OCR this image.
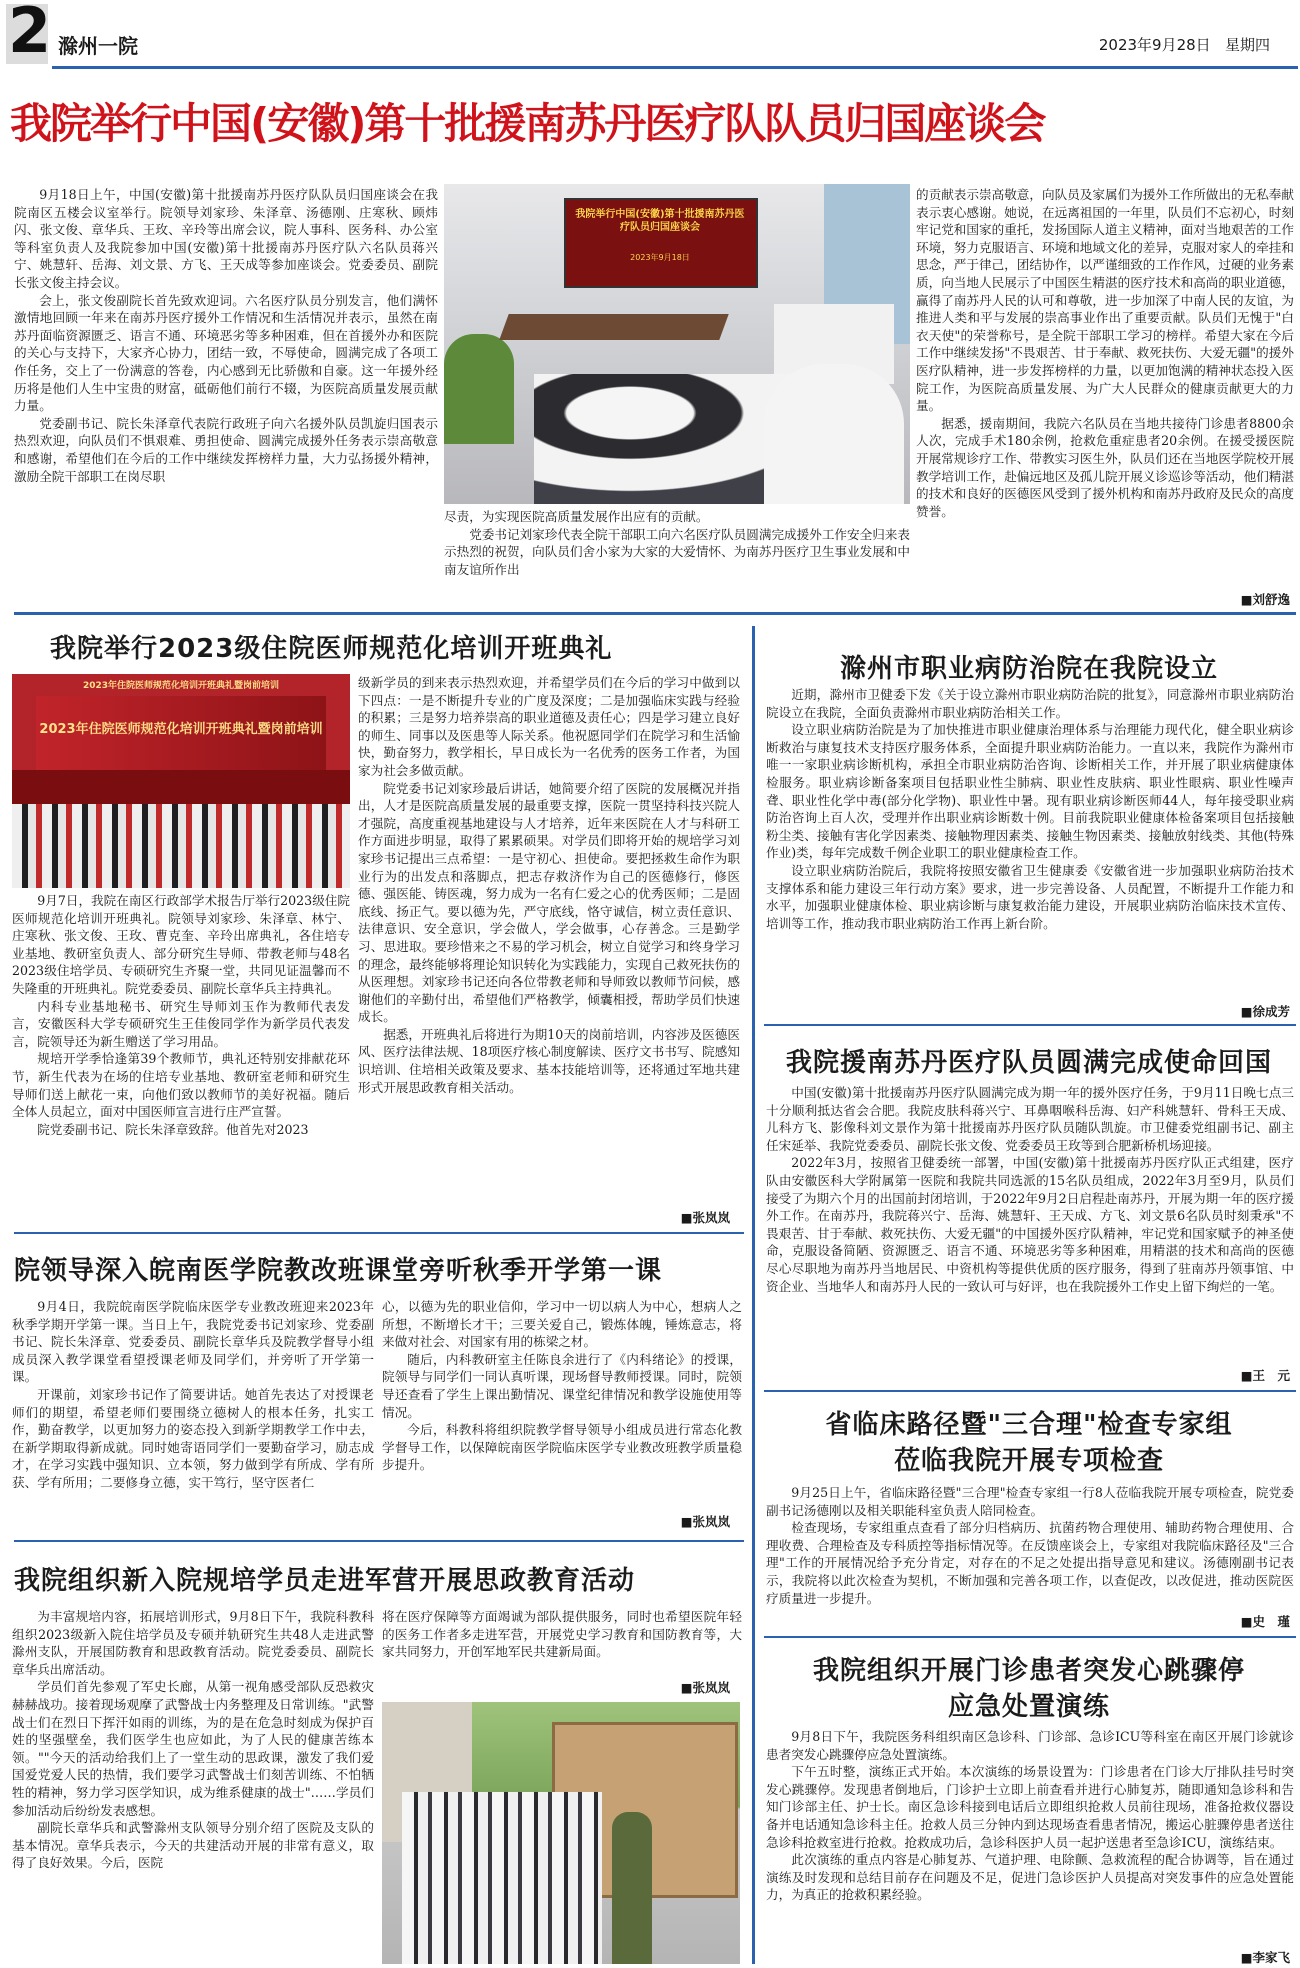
2 滁州一院	2023年9月28日 星期四
我院举行中国(安徽)第十批援南苏丹医疗队队员归国座谈会

9月18日上午，中国(安徽)第十批援南苏丹医疗队队员归国座谈会在我院南区五楼会议室举行。院领导刘家珍、朱泽章、汤德刚、庄寒秋、顾炜闪、张文俊、章华兵、王玫、辛玲等出席会议，院人事科、医务科、办公室等科室负责人及我院参加中国(安徽)第十批援南苏丹医疗队六名队员蒋兴宁、姚慧轩、岳海、刘文景、方飞、王天成等参加座谈会。党委委员、副院长张文俊主持会议。

会上，张文俊副院长首先致欢迎词。六名医疗队员分别发言，他们满怀激情地回顾一年来在南苏丹医疗援外工作情况和生活情况并表示，虽然在南苏丹面临资源匮乏、语言不通、环境恶劣等多种困难，但在首援外办和医院的关心与支持下，大家齐心协力，团结一致，不辱使命，圆满完成了各项工作任务，交上了一份满意的答卷，内心感到无比骄傲和自豪。这一年援外经历将是他们人生中宝贵的财富，砥砺他们前行不辍，为医院高质量发展贡献力量。

党委副书记、院长朱泽章代表院行政班子向六名援外队员凯旋归国表示热烈欢迎，向队员们不惧艰难、勇担使命、圆满完成援外任务表示崇高敬意和感谢，希望他们在今后的工作中继续发挥榜样力量，大力弘扬援外精神，激励全院干部职工在岗尽职

我院举行中国(安徽)第十批援南苏丹医疗队员归国座谈会
2023年9月18日

尽责，为实现医院高质量发展作出应有的贡献。

党委书记刘家珍代表全院干部职工向六名医疗队员圆满完成援外工作安全归来表示热烈的祝贺，向队员们舍小家为大家的大爱情怀、为南苏丹医疗卫生事业发展和中南友谊所作出

的贡献表示崇高敬意，向队员及家属们为援外工作所做出的无私奉献表示衷心感谢。她说，在远离祖国的一年里，队员们不忘初心，时刻牢记党和国家的重托，发扬国际人道主义精神，面对当地艰苦的工作环境，努力克服语言、环境和地域文化的差异，克服对家人的牵挂和思念，严于律己，团结协作，以严谨细致的工作作风，过硬的业务素质，向当地人民展示了中国医生精湛的医疗技术和高尚的职业道德，赢得了南苏丹人民的认可和尊敬，进一步加深了中南人民的友谊，为推进人类和平与发展的崇高事业作出了重要贡献。队员们无愧于"白衣天使"的荣誉称号，是全院干部职工学习的榜样。希望大家在今后工作中继续发扬"不畏艰苦、甘于奉献、救死扶伤、大爱无疆"的援外医疗队精神，进一步发挥榜样的力量，以更加饱满的精神状态投入医院工作，为医院高质量发展、为广大人民群众的健康贡献更大的力量。

据悉，援南期间，我院六名队员在当地共接待门诊患者8800余人次，完成手术180余例，抢救危重症患者20余例。在援受援医院开展常规诊疗工作、带教实习医生外，队员们还在当地医学院校开展教学培训工作，赴偏远地区及孤儿院开展义诊巡诊等活动，他们精湛的技术和良好的医德医风受到了援外机构和南苏丹政府及民众的高度赞誉。

■刘舒逸
我院举行2023级住院医师规范化培训开班典礼
2023年住院医师规范化培训开班典礼暨岗前培训
2023年住院医师规范化培训开班典礼暨岗前培训

9月7日，我院在南区行政部学术报告厅举行2023级住院医师规范化培训开班典礼。院领导刘家珍、朱泽章、林宁、庄寒秋、张文俊、王玫、曹克奎、辛玲出席典礼，各住培专业基地、教研室负责人、部分研究生导师、带教老师与48名2023级住培学员、专硕研究生齐聚一堂，共同见证温馨而不失隆重的开班典礼。院党委委员、副院长章华兵主持典礼。

内科专业基地秘书、研究生导师刘玉作为教师代表发言，安徽医科大学专硕研究生王佳俊同学作为新学员代表发言，院领导还为新生赠送了学习用品。

规培开学季恰逢第39个教师节，典礼还特别安排献花环节，新生代表为在场的住培专业基地、教研室老师和研究生导师们送上献花一束，向他们致以教师节的美好祝福。随后全体人员起立，面对中国医师宣言进行庄严宣誓。

院党委副书记、院长朱泽章致辞。他首先对2023

级新学员的到来表示热烈欢迎，并希望学员们在今后的学习中做到以下四点：一是不断提升专业的广度及深度；二是加强临床实践与经验的积累；三是努力培养崇高的职业道德及责任心；四是学习建立良好的师生、同事以及医患等人际关系。他祝愿同学们在院学习和生活愉快，勤奋努力，教学相长，早日成长为一名优秀的医务工作者，为国家为社会多做贡献。

院党委书记刘家珍最后讲话，她简要介绍了医院的发展概况并指出，人才是医院高质量发展的最重要支撑，医院一贯坚持科技兴院人才强院，高度重视基地建设与人才培养，近年来医院在人才与科研工作方面进步明显，取得了累累硕果。对学员们即将开始的规培学习刘家珍书记提出三点希望：一是守初心、担使命。要把拯救生命作为职业行为的出发点和落脚点，把志存救济作为自己的医德修行，修医德、强医能、铸医魂，努力成为一名有仁爱之心的优秀医师；二是固底线、扬正气。要以德为先，严守底线，恪守诚信，树立责任意识、法律意识、安全意识，学会做人，学会做事，心存善念。三是勤学习、思进取。要珍惜来之不易的学习机会，树立自觉学习和终身学习的理念，最终能够将理论知识转化为实践能力，实现自己救死扶伤的从医理想。刘家珍书记还向各位带教老师和导师致以教师节问候，感谢他们的辛勤付出，希望他们严格教学，倾囊相授，帮助学员们快速成长。

据悉，开班典礼后将进行为期10天的岗前培训，内容涉及医德医风、医疗法律法规、18项医疗核心制度解读、医疗文书书写、院感知识培训、住培相关政策及要求、基本技能培训等，还将通过军地共建形式开展思政教育相关活动。

■张岚岚
院领导深入皖南医学院教改班课堂旁听秋季开学第一课

9月4日，我院皖南医学院临床医学专业教改班迎来2023年秋季学期开学第一课。当日上午，我院党委书记刘家珍、党委副书记、院长朱泽章、党委委员、副院长章华兵及院教学督导小组成员深入教学课堂看望授课老师及同学们，并旁听了开学第一课。

开课前，刘家珍书记作了简要讲话。她首先表达了对授课老师们的期望，希望老师们要围绕立德树人的根本任务，扎实工作，勤奋教学，以更加努力的姿态投入到新学期教学工作中去，在新学期取得新成就。同时她寄语同学们一要勤奋学习，励志成才，在学习实践中强知识、立本领，努力做到学有所成、学有所获、学有所用；二要修身立德，实干笃行，坚守医者仁

心，以德为先的职业信仰，学习中一切以病人为中心，想病人之所想，不断增长才干；三要关爱自己，锻炼体魄，锤炼意志，将来做对社会、对国家有用的栋梁之材。

随后，内科教研室主任陈良余进行了《内科绪论》的授课，院领导与同学们一同认真听课，现场督导教师授课。同时，院领导还查看了学生上课出勤情况、课堂纪律情况和教学设施使用等情况。

今后，科教科将组织院教学督导领导小组成员进行常态化教学督导工作，以保障皖南医学院临床医学专业教改班教学质量稳步提升。

■张岚岚
我院组织新入院规培学员走进军营开展思政教育活动

为丰富规培内容，拓展培训形式，9月8日下午，我院科教科组织2023级新入院住培学员及专硕并轨研究生共48人走进武警滁州支队，开展国防教育和思政教育活动。院党委委员、副院长章华兵出席活动。

学员们首先参观了军史长廊，从第一视角感受部队反恐救灾赫赫战功。接着现场观摩了武警战士内务整理及日常训练。"武警战士们在烈日下挥汗如雨的训练，为的是在危急时刻成为保护百姓的坚强壁垒，我们医学生也应如此，为了人民的健康苦练本领。""今天的活动给我们上了一堂生动的思政课，激发了我们爱国爱党爱人民的热情，我们要学习武警战士们刻苦训练、不怕牺牲的精神，努力学习医学知识，成为维系健康的战士"……学员们参加活动后纷纷发表感想。

副院长章华兵和武警滁州支队领导分别介绍了医院及支队的基本情况。章华兵表示，今天的共建活动开展的非常有意义，取得了良好效果。今后，医院

将在医疗保障等方面竭诚为部队提供服务，同时也希望医院年轻的医务工作者多走进军营，开展党史学习教育和国防教育等，大家共同努力，开创军地军民共建新局面。

■张岚岚
滁州市职业病防治院在我院设立

近期，滁州市卫健委下发《关于设立滁州市职业病防治院的批复》，同意滁州市职业病防治院设立在我院，全面负责滁州市职业病防治相关工作。

设立职业病防治院是为了加快推进市职业健康治理体系与治理能力现代化，健全职业病诊断救治与康复技术支持医疗服务体系，全面提升职业病防治能力。一直以来，我院作为滁州市唯一一家职业病诊断机构，承担全市职业病防治咨询、诊断相关工作，并开展了职业病健康体检服务。职业病诊断备案项目包括职业性尘肺病、职业性皮肤病、职业性眼病、职业性噪声聋、职业性化学中毒(部分化学物)、职业性中暑。现有职业病诊断医师44人，每年接受职业病防治咨询上百人次，受理并作出职业病诊断数十例。目前我院职业健康体检备案项目包括接触粉尘类、接触有害化学因素类、接触物理因素类、接触生物因素类、接触放射线类、其他(特殊作业)类，每年完成数千例企业职工的职业健康检查工作。

设立职业病防治院后，我院将按照安徽省卫生健康委《安徽省进一步加强职业病防治技术支撑体系和能力建设三年行动方案》要求，进一步完善设备、人员配置，不断提升工作能力和水平，加强职业健康体检、职业病诊断与康复救治能力建设，开展职业病防治临床技术宣传、培训等工作，推动我市职业病防治工作再上新台阶。

■徐成芳
我院援南苏丹医疗队员圆满完成使命回国

中国(安徽)第十批援南苏丹医疗队圆满完成为期一年的援外医疗任务，于9月11日晚七点三十分顺利抵达省会合肥。我院皮肤科蒋兴宁、耳鼻咽喉科岳海、妇产科姚慧轩、骨科王天成、儿科方飞、影像科刘文景作为第十批援南苏丹医疗队员随队凯旋。市卫健委党组副书记、副主任宋延举、我院党委委员、副院长张文俊、党委委员王玫等到合肥新桥机场迎接。

2022年3月，按照省卫健委统一部署，中国(安徽)第十批援南苏丹医疗队正式组建，医疗队由安徽医科大学附属第一医院和我院共同选派的15名队员组成，2022年3月至9月，队员们接受了为期六个月的出国前封闭培训，于2022年9月2日启程赴南苏丹，开展为期一年的医疗援外工作。在南苏丹，我院蒋兴宁、岳海、姚慧轩、王天成、方飞、刘文景6名队员时刻秉承"不畏艰苦、甘于奉献、救死扶伤、大爱无疆"的中国援外医疗队精神，牢记党和国家赋予的神圣使命，克服设备简陋、资源匮乏、语言不通、环境恶劣等多种困难，用精湛的技术和高尚的医德尽心尽职地为南苏丹当地居民、中资机构等提供优质的医疗服务，得到了驻南苏丹领事馆、中资企业、当地华人和南苏丹人民的一致认可与好评，也在我院援外工作史上留下绚烂的一笔。

■王　元
省临床路径暨"三合理"检查专家组
莅临我院开展专项检查

9月25日上午，省临床路径暨"三合理"检查专家组一行8人莅临我院开展专项检查，院党委副书记汤德刚以及相关职能科室负责人陪同检查。

检查现场，专家组重点查看了部分归档病历、抗菌药物合理使用、辅助药物合理使用、合理收费、合理检查及专科质控等指标情况等。在反馈座谈会上，专家组对我院临床路径及"三合理"工作的开展情况给予充分肯定，对存在的不足之处提出指导意见和建议。汤德刚副书记表示，我院将以此次检查为契机，不断加强和完善各项工作，以查促改，以改促进，推动医院医疗质量进一步提升。

■史　瑾
我院组织开展门诊患者突发心跳骤停
应急处置演练

9月8日下午，我院医务科组织南区急诊科、门诊部、急诊ICU等科室在南区开展门诊就诊患者突发心跳骤停应急处置演练。

下午五时整，演练正式开始。本次演练的场景设置为：门诊患者在门诊大厅排队挂号时突发心跳骤停。发现患者倒地后，门诊护士立即上前查看并进行心肺复苏，随即通知急诊科和告知门诊部主任、护士长。南区急诊科接到电话后立即组织抢救人员前往现场，准备抢救仪器设备并电话通知急诊科主任。抢救人员三分钟内到达现场查看患者情况，搬运心脏骤停患者送往急诊科抢救室进行抢救。抢救成功后，急诊科医护人员一起护送患者至急诊ICU，演练结束。

此次演练的重点内容是心肺复苏、气道护理、电除颤、急救流程的配合协调等，旨在通过演练及时发现和总结目前存在问题及不足，促进门急诊医护人员提高对突发事件的应急处置能力，为真正的抢救积累经验。

■李家飞
